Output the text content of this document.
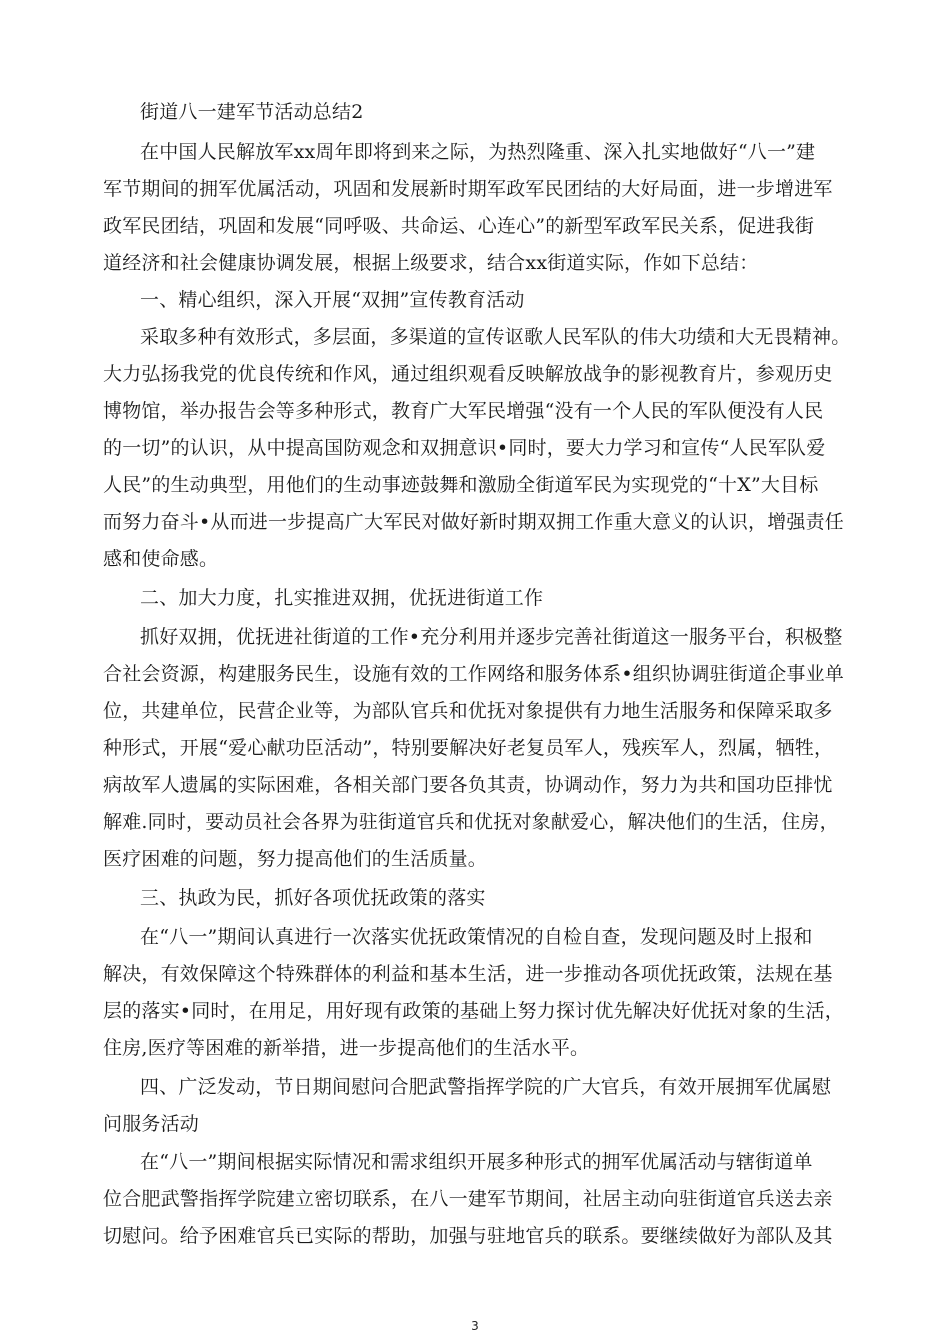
街道八一建军节活动总结2
在中国人民解放军xx周年即将到来之际，为热烈隆重、深入扎实地做好“八一”建
军节期间的拥军优属活动，巩固和发展新时期军政军民团结的大好局面，进一步增进军
政军民团结，巩固和发展“同呼吸、共命运、心连心”的新型军政军民关系，促进我街
道经济和社会健康协调发展，根据上级要求，结合xx街道实际，作如下总结：
一、精心组织，深入开展“双拥”宣传教育活动
采取多种有效形式，多层面，多渠道的宣传讴歌人民军队的伟大功绩和大无畏精神。
大力弘扬我党的优良传统和作风，通过组织观看反映解放战争的影视教育片，参观历史
博物馆，举办报告会等多种形式，教育广大军民增强“没有一个人民的军队便没有人民
的一切”的认识，从中提高国防观念和双拥意识•同时，要大力学习和宣传“人民军队爱
人民”的生动典型，用他们的生动事迹鼓舞和激励全街道军民为实现党的“十X”大目标
而努力奋斗•从而进一步提高广大军民对做好新时期双拥工作重大意义的认识，增强责任
感和使命感。
二、加大力度，扎实推进双拥，优抚进街道工作
抓好双拥，优抚进社街道的工作•充分利用并逐步完善社街道这一服务平台，积极整
合社会资源，构建服务民生，设施有效的工作网络和服务体系•组织协调驻街道企事业单
位，共建单位，民营企业等，为部队官兵和优抚对象提供有力地生活服务和保障采取多
种形式，开展“爱心献功臣活动”，特别要解决好老复员军人，残疾军人，烈属，牺牲，
病故军人遗属的实际困难，各相关部门要各负其责，协调动作，努力为共和国功臣排忧
解难.同时，要动员社会各界为驻街道官兵和优抚对象献爱心，解决他们的生活，住房，
医疗困难的问题，努力提高他们的生活质量。
三、执政为民，抓好各项优抚政策的落实
在“八一”期间认真进行一次落实优抚政策情况的自检自查，发现问题及时上报和
解决，有效保障这个特殊群体的利益和基本生活，进一步推动各项优抚政策，法规在基
层的落实•同时，在用足，用好现有政策的基础上努力探讨优先解决好优抚对象的生活，
住房,医疗等困难的新举措，进一步提高他们的生活水平。
四、广泛发动，节日期间慰问合肥武警指挥学院的广大官兵，有效开展拥军优属慰
问服务活动
在“八一”期间根据实际情况和需求组织开展多种形式的拥军优属活动与辖街道单
位合肥武警指挥学院建立密切联系，在八一建军节期间，社居主动向驻街道官兵送去亲
切慰问。给予困难官兵已实际的帮助，加强与驻地官兵的联系。要继续做好为部队及其
3
